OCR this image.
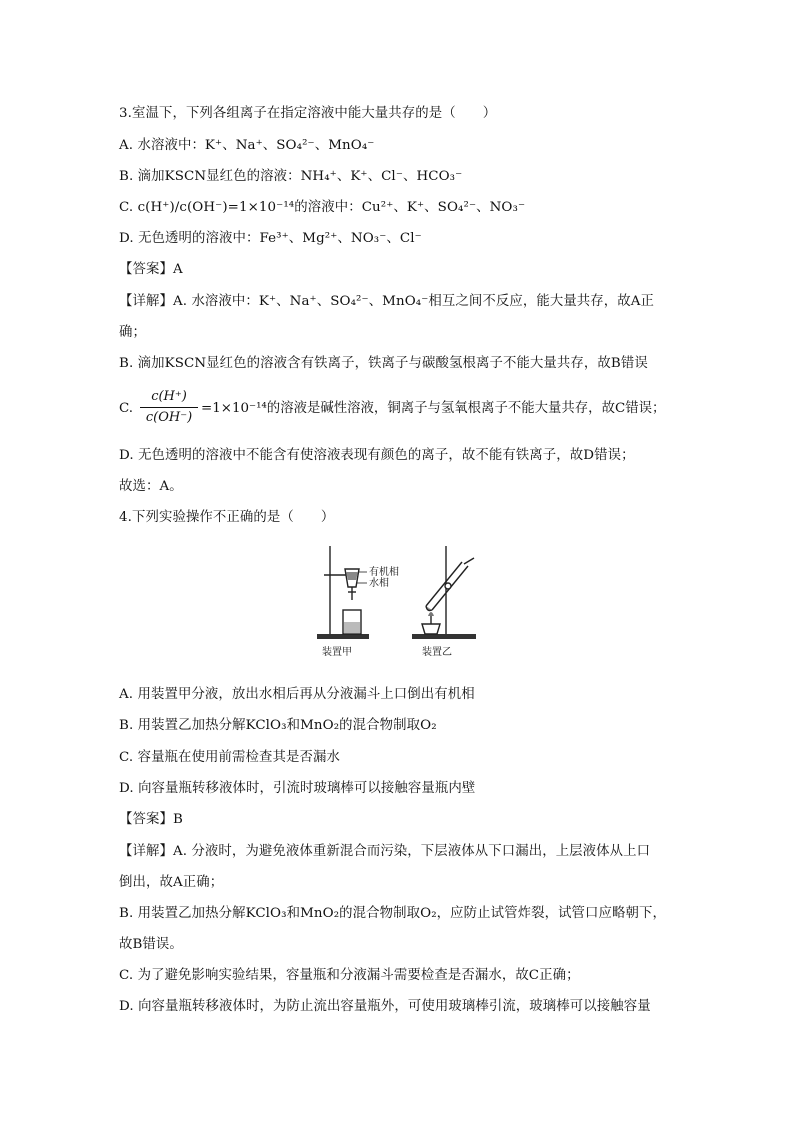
3.室温下，下列各组离子在指定溶液中能大量共存的是（　　）
A. 水溶液中：K⁺、Na⁺、SO₄²⁻、MnO₄⁻
B. 滴加KSCN显红色的溶液：NH₄⁺、K⁺、Cl⁻、HCO₃⁻
C. c(H⁺)/c(OH⁻)=1×10⁻¹⁴的溶液中：Cu²⁺、K⁺、SO₄²⁻、NO₃⁻
D. 无色透明的溶液中：Fe³⁺、Mg²⁺、NO₃⁻、Cl⁻
【答案】A
【详解】A. 水溶液中：K⁺、Na⁺、SO₄²⁻、MnO₄⁻相互之间不反应，能大量共存，故A正
确；
B. 滴加KSCN显红色的溶液含有铁离子，铁离子与碳酸氢根离子不能大量共存，故B错误
C.
c(H⁺)
c(OH⁻)
=1×10⁻¹⁴的溶液是碱性溶液，铜离子与氢氧根离子不能大量共存，故C错误；
D. 无色透明的溶液中不能含有使溶液表现有颜色的离子，故不能有铁离子，故D错误；
故选：A。
4.下列实验操作不正确的是（　　）
有机相
水相
装置甲	装置乙
A. 用装置甲分液，放出水相后再从分液漏斗上口倒出有机相
B. 用装置乙加热分解KClO₃和MnO₂的混合物制取O₂
C. 容量瓶在使用前需检查其是否漏水
D. 向容量瓶转移液体时，引流时玻璃棒可以接触容量瓶内壁
【答案】B
【详解】A. 分液时，为避免液体重新混合而污染，下层液体从下口漏出，上层液体从上口
倒出，故A正确；
B. 用装置乙加热分解KClO₃和MnO₂的混合物制取O₂，应防止试管炸裂，试管口应略朝下，
故B错误。
C. 为了避免影响实验结果，容量瓶和分液漏斗需要检查是否漏水，故C正确；
D. 向容量瓶转移液体时，为防止流出容量瓶外，可使用玻璃棒引流，玻璃棒可以接触容量
